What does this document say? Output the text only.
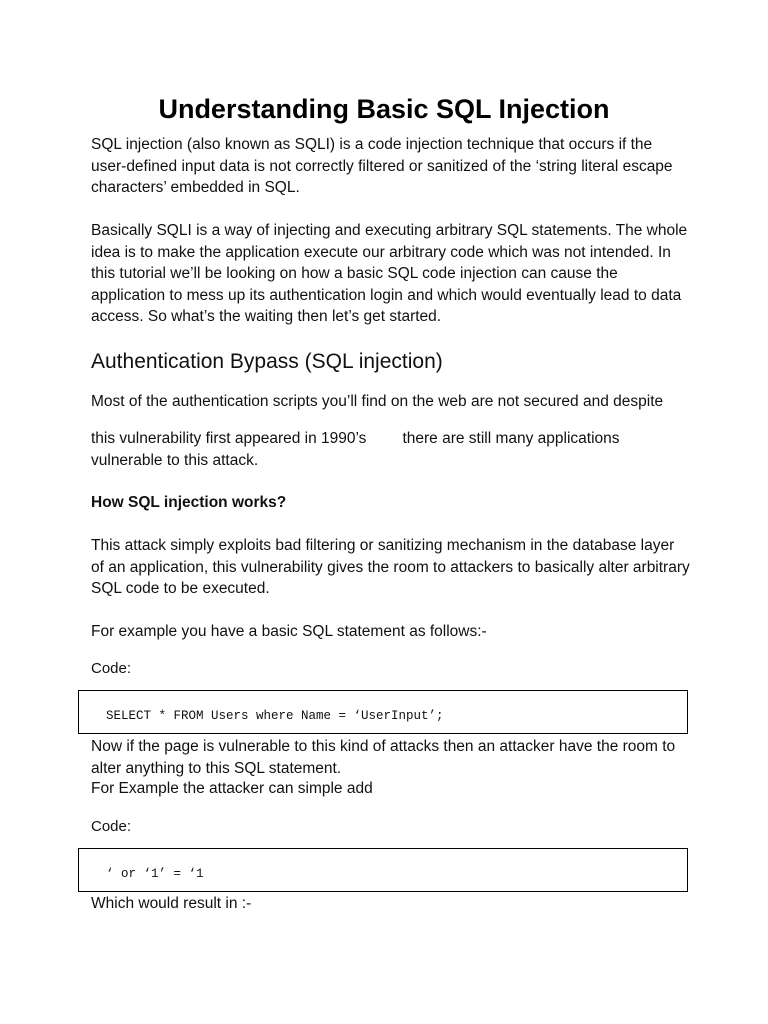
Understanding Basic SQL Injection

SQL injection (also known as SQLI) is a code injection technique that occurs if the user-defined input data is not correctly filtered or sanitized of the ‘string literal escape characters’ embedded in SQL.

Basically SQLI is a way of injecting and executing arbitrary SQL statements. The whole idea is to make the application execute our arbitrary code which was not intended. In this tutorial we’ll be looking on how a basic SQL code injection can cause the application to mess up its authentication login and which would eventually lead to data access. So what’s the waiting then let’s get started.

Authentication Bypass (SQL injection)

Most of the authentication scripts you’ll find on the web are not secured and despite

this vulnerability first appeared in 1990’s there are still many applications vulnerable to this attack.

How SQL injection works?

This attack simply exploits bad filtering or sanitizing mechanism in the database layer of an application, this vulnerability gives the room to attackers to basically alter arbitrary SQL code to be executed.

For example you have a basic SQL statement as follows:-

Code:

SELECT * FROM Users where Name = ‘UserInput’;

Now if the page is vulnerable to this kind of attacks then an attacker have the room to alter anything to this SQL statement.

For Example the attacker can simple add

Code:

‘ or ‘1’ = ‘1

Which would result in :-
